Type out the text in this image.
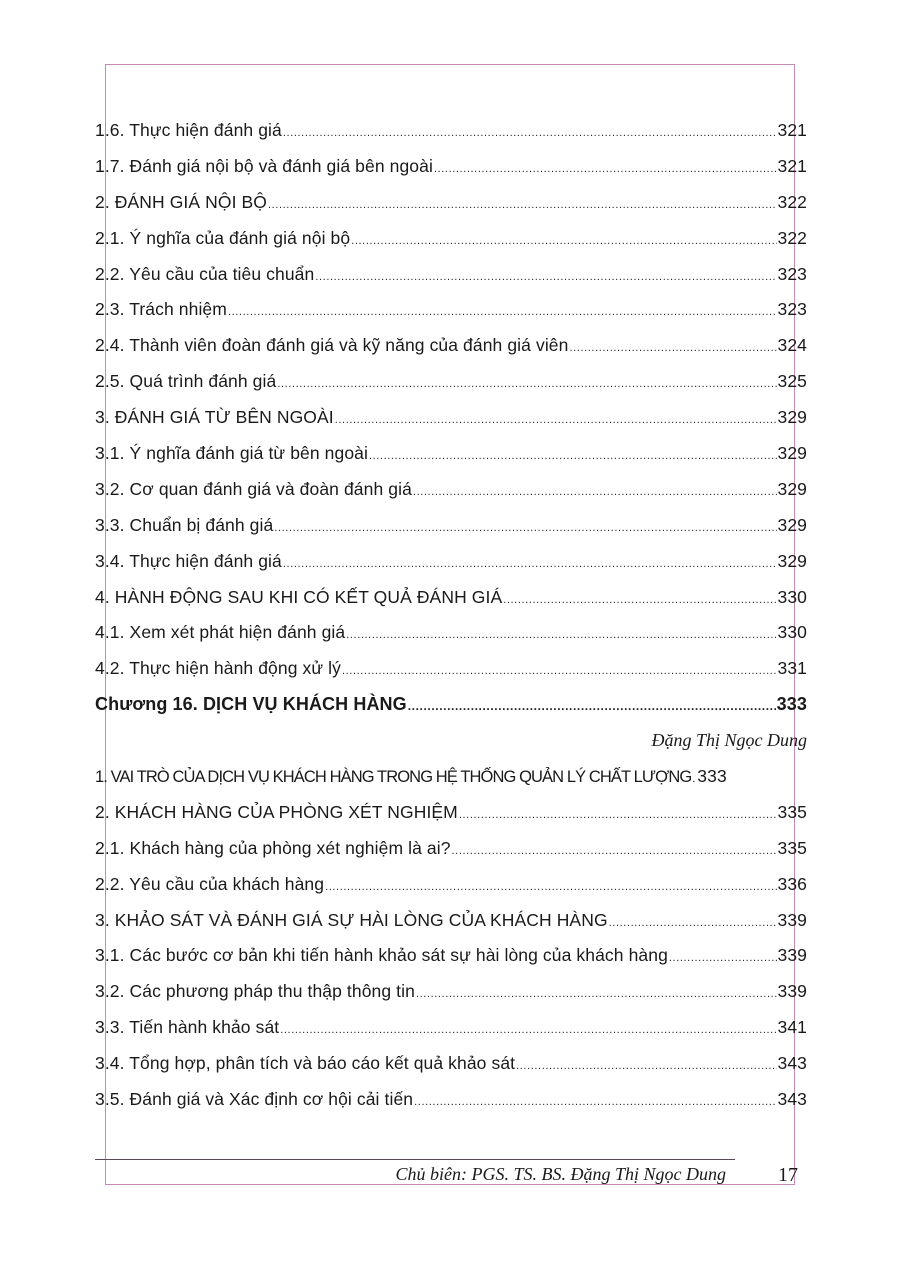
1.6. Thực hiện đánh giá .....	321
1.7. Đánh giá nội bộ và đánh giá bên ngoài .....	321
2. ĐÁNH GIÁ NỘI BỘ .....	322
2.1. Ý nghĩa của đánh giá nội bộ .....	322
2.2. Yêu cầu của tiêu chuẩn .....	323
2.3. Trách nhiệm .....	323
2.4. Thành viên đoàn đánh giá và kỹ năng của đánh giá viên .....	324
2.5. Quá trình đánh giá .....	325
3. ĐÁNH GIÁ TỪ BÊN NGOÀI .....	329
3.1. Ý nghĩa đánh giá từ bên ngoài .....	329
3.2. Cơ quan đánh giá và đoàn đánh giá .....	329
3.3. Chuẩn bị đánh giá .....	329
3.4. Thực hiện đánh giá .....	329
4. HÀNH ĐỘNG SAU KHI CÓ KẾT QUẢ ĐÁNH GIÁ .....	330
4.1. Xem xét phát hiện đánh giá .....	330
4.2. Thực hiện hành động xử lý .....	331
Chương 16. DỊCH VỤ KHÁCH HÀNG .....	333
Đặng Thị Ngọc Dung
1. VAI TRÒ CỦA DỊCH VỤ KHÁCH HÀNG TRONG HỆ THỐNG QUẢN LÝ CHẤT LƯỢNG ..... 333
2. KHÁCH HÀNG CỦA PHÒNG XÉT NGHIỆM .....	335
2.1. Khách hàng của phòng xét nghiệm là ai? .....	335
2.2. Yêu cầu của khách hàng .....	336
3. KHẢO SÁT VÀ ĐÁNH GIÁ SỰ HÀI LÒNG CỦA KHÁCH HÀNG .....	339
3.1. Các bước cơ bản khi tiến hành khảo sát sự hài lòng của khách hàng .....	339
3.2. Các phương pháp thu thập thông tin .....	339
3.3. Tiến hành khảo sát .....	341
3.4. Tổng hợp, phân tích và báo cáo kết quả khảo sát .....	343
3.5. Đánh giá và Xác định cơ hội cải tiến .....	343
Chủ biên: PGS. TS. BS. Đặng Thị Ngọc Dung	17
